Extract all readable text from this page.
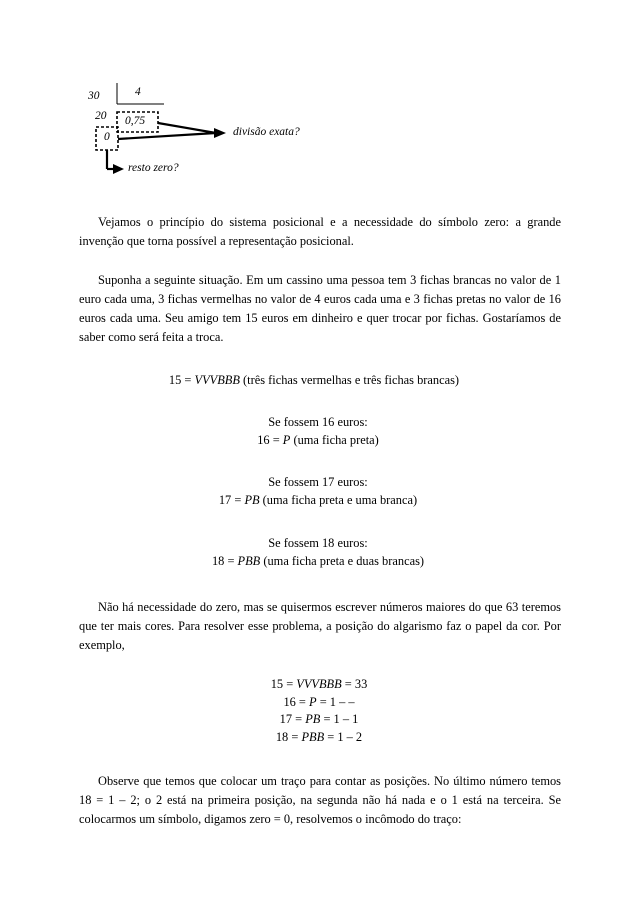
30	4
20 0,75
0	divisão exata?
resto zero?

Vejamos o princípio do sistema posicional e a necessidade do símbolo zero: a grande invenção que torna possível a representação posicional.

Suponha a seguinte situação. Em um cassino uma pessoa tem 3 fichas brancas no valor de 1 euro cada uma, 3 fichas vermelhas no valor de 4 euros cada uma e 3 fichas pretas no valor de 16 euros cada uma. Seu amigo tem 15 euros em dinheiro e quer trocar por fichas. Gostaríamos de saber como será feita a troca.

15 = VVVBBB (três fichas vermelhas e três fichas brancas)
Se fossem 16 euros:
16 = P (uma ficha preta)
Se fossem 17 euros:
17 = PB (uma ficha preta e uma branca)
Se fossem 18 euros:
18 = PBB (uma ficha preta e duas brancas)

Não há necessidade do zero, mas se quisermos escrever números maiores do que 63 teremos que ter mais cores. Para resolver esse problema, a posição do algarismo faz o papel da cor. Por exemplo,

15 = VVVBBB = 33
16 = P = 1 – –
17 = PB = 1 – 1
18 = PBB = 1 – 2

Observe que temos que colocar um traço para contar as posições. No último número temos 18 = 1 – 2; o 2 está na primeira posição, na segunda não há nada e o 1 está na terceira. Se colocarmos um símbolo, digamos zero = 0, resolvemos o incômodo do traço:
